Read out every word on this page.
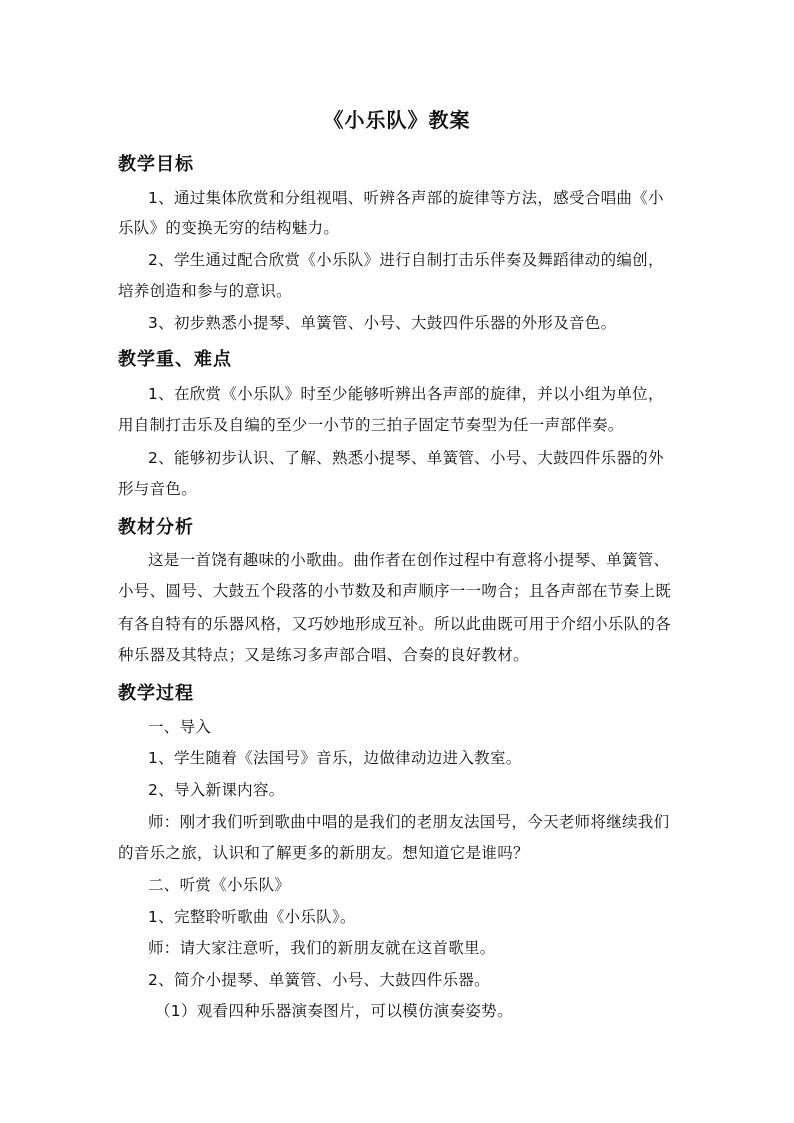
《小乐队》教案
教学目标
1、通过集体欣赏和分组视唱、听辨各声部的旋律等方法，感受合唱曲《小
乐队》的变换无穷的结构魅力。
2、学生通过配合欣赏《小乐队》进行自制打击乐伴奏及舞蹈律动的编创，
培养创造和参与的意识。
3、初步熟悉小提琴、单簧管、小号、大鼓四件乐器的外形及音色。
教学重、难点
1、在欣赏《小乐队》时至少能够听辨出各声部的旋律，并以小组为单位，
用自制打击乐及自编的至少一小节的三拍子固定节奏型为任一声部伴奏。
2、能够初步认识、了解、熟悉小提琴、单簧管、小号、大鼓四件乐器的外
形与音色。
教材分析
这是一首饶有趣味的小歌曲。曲作者在创作过程中有意将小提琴、单簧管、
小号、圆号、大鼓五个段落的小节数及和声顺序一一吻合；且各声部在节奏上既
有各自特有的乐器风格，又巧妙地形成互补。所以此曲既可用于介绍小乐队的各
种乐器及其特点；又是练习多声部合唱、合奏的良好教材。
教学过程
一、导入
1、学生随着《法国号》音乐，边做律动边进入教室。
2、导入新课内容。
师：刚才我们听到歌曲中唱的是我们的老朋友法国号，今天老师将继续我们
的音乐之旅，认识和了解更多的新朋友。想知道它是谁吗？
二、听赏《小乐队》
1、完整聆听歌曲《小乐队》。
师：请大家注意听，我们的新朋友就在这首歌里。
2、简介小提琴、单簧管、小号、大鼓四件乐器。
（1）观看四种乐器演奏图片，可以模仿演奏姿势。
